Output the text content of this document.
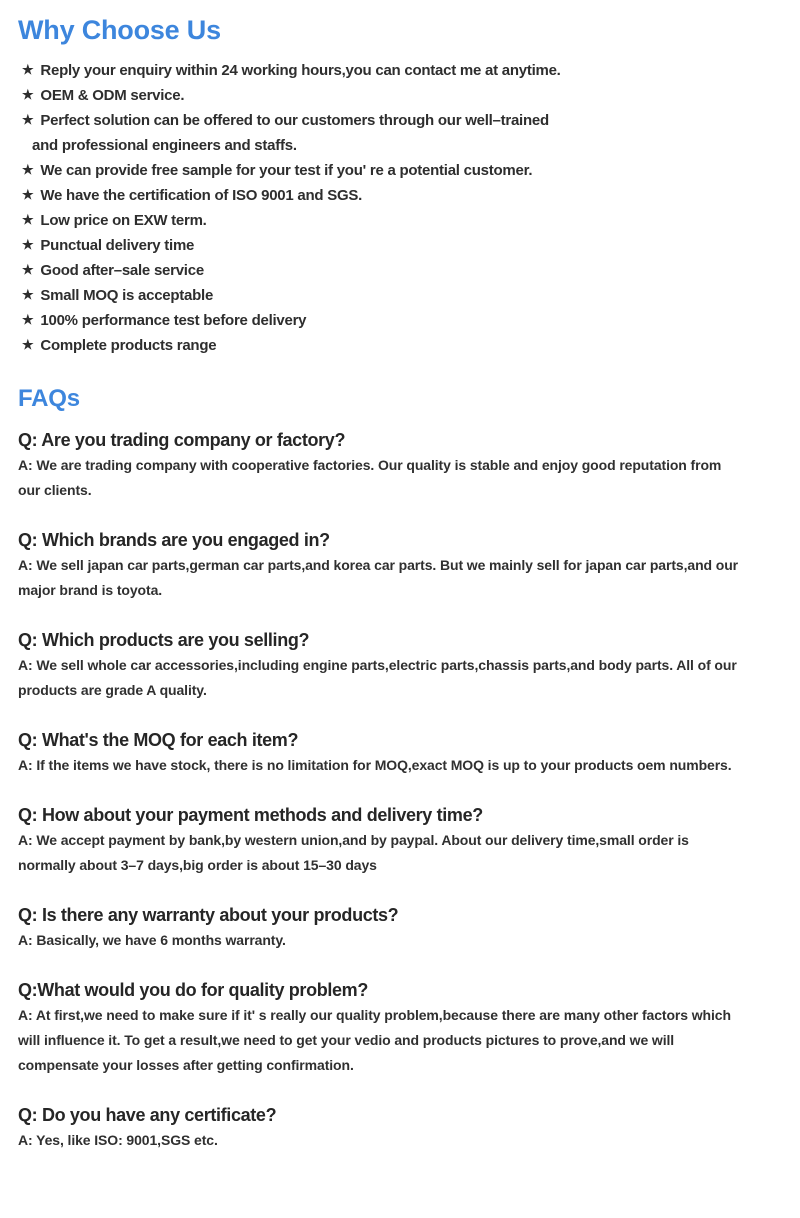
Why Choose Us
★ Reply your enquiry within 24 working hours,you can contact me at anytime.
★ OEM & ODM service.
★ Perfect solution can be offered to our customers through our well–trained
and professional engineers and staffs.
★ We can provide free sample for your test if you' re a potential customer.
★ We have the certification of ISO 9001 and SGS.
★ Low price on EXW term.
★ Punctual delivery time
★ Good after–sale service
★ Small MOQ is acceptable
★ 100% performance test before delivery
★ Complete products range
FAQs
Q: Are you trading company or factory?
A: We are trading company with cooperative factories. Our quality is stable and enjoy good reputation from
our clients.
Q: Which brands are you engaged in?
A: We sell japan car parts,german car parts,and korea car parts. But we mainly sell for japan car parts,and our
major brand is toyota.
Q: Which products are you selling?
A: We sell whole car accessories,including engine parts,electric parts,chassis parts,and body parts. All of our
products are grade A quality.
Q: What's the MOQ for each item?
A: If the items we have stock, there is no limitation for MOQ,exact MOQ is up to your products oem numbers.
Q: How about your payment methods and delivery time?
A: We accept payment by bank,by western union,and by paypal. About our delivery time,small order is
normally about 3–7 days,big order is about 15–30 days
Q: Is there any warranty about your products?
A: Basically, we have 6 months warranty.
Q:What would you do for quality problem?
A: At first,we need to make sure if it' s really our quality problem,because there are many other factors which
will influence it. To get a result,we need to get your vedio and products pictures to prove,and we will
compensate your losses after getting confirmation.
Q: Do you have any certificate?
A: Yes, like ISO: 9001,SGS etc.
